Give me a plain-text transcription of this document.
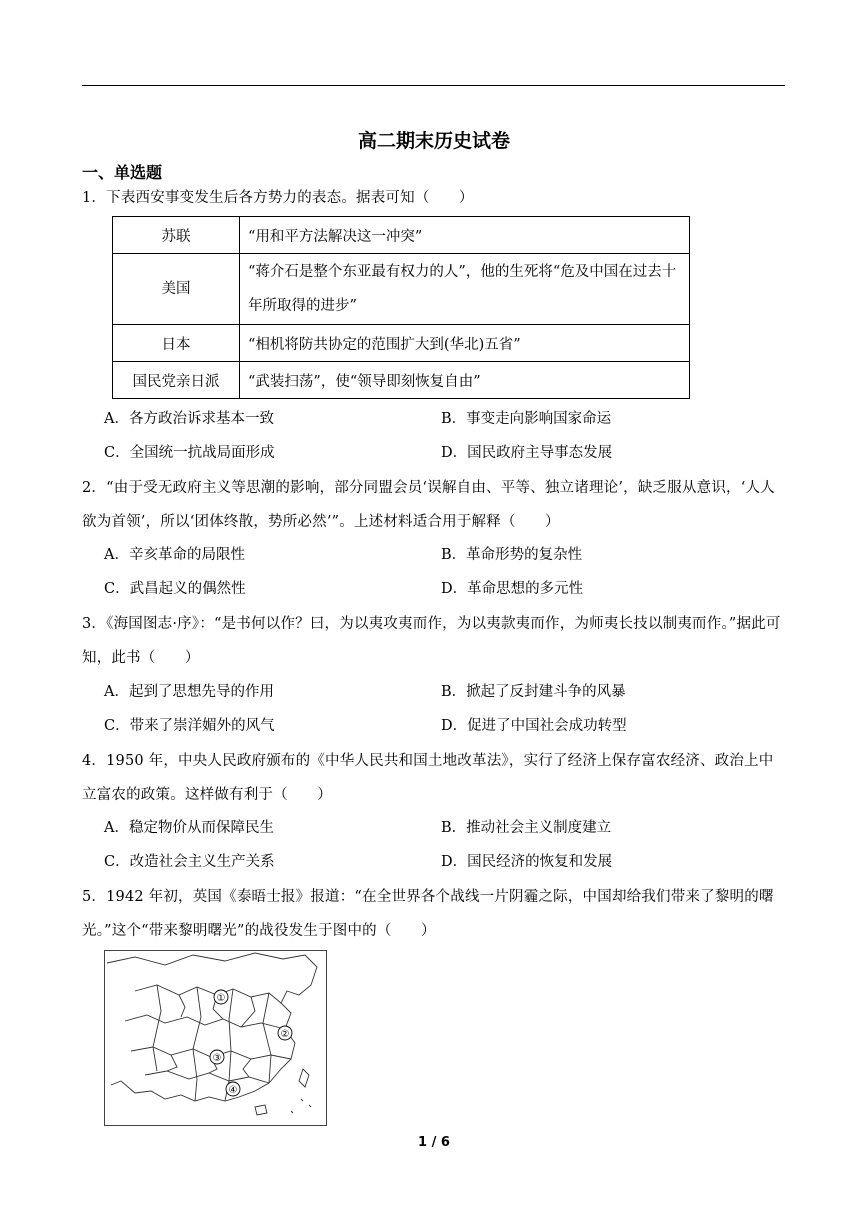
高二期末历史试卷
一、单选题
1．下表西安事变发生后各方势力的表态。据表可知（　　）
苏联	“用和平方法解决这一冲突”
美国	“蒋介石是整个东亚最有权力的人”，他的生死将“危及中国在过去十年所取得的进步”
日本	“相机将防共协定的范围扩大到(华北)五省”
国民党亲日派	“武装扫荡”，使“领导即刻恢复自由”
A．各方政治诉求基本一致	B．事变走向影响国家命运
C．全国统一抗战局面形成	D．国民政府主导事态发展
2．“由于受无政府主义等思潮的影响，部分同盟会员‘误解自由、平等、独立诸理论’，缺乏服从意识，‘人人欲为首领’，所以‘团体终散，势所必然’”。上述材料适合用于解释（　　）
A．辛亥革命的局限性	B．革命形势的复杂性
C．武昌起义的偶然性	D．革命思想的多元性
3．《海国图志·序》：“是书何以作？曰，为以夷攻夷而作，为以夷款夷而作，为师夷长技以制夷而作。”据此可知，此书（　　）
A．起到了思想先导的作用	B．掀起了反封建斗争的风暴
C．带来了崇洋媚外的风气	D．促进了中国社会成功转型
4．1950 年，中央人民政府颁布的《中华人民共和国土地改革法》，实行了经济上保存富农经济、政治上中立富农的政策。这样做有利于（　　）
A．稳定物价从而保障民生	B．推动社会主义制度建立
C．改造社会主义生产关系	D．国民经济的恢复和发展
5．1942 年初，英国《泰晤士报》报道：“在全世界各个战线一片阴霾之际，中国却给我们带来了黎明的曙光。”这个“带来黎明曙光”的战役发生于图中的（　　）
①
②
③
④
1 / 6
